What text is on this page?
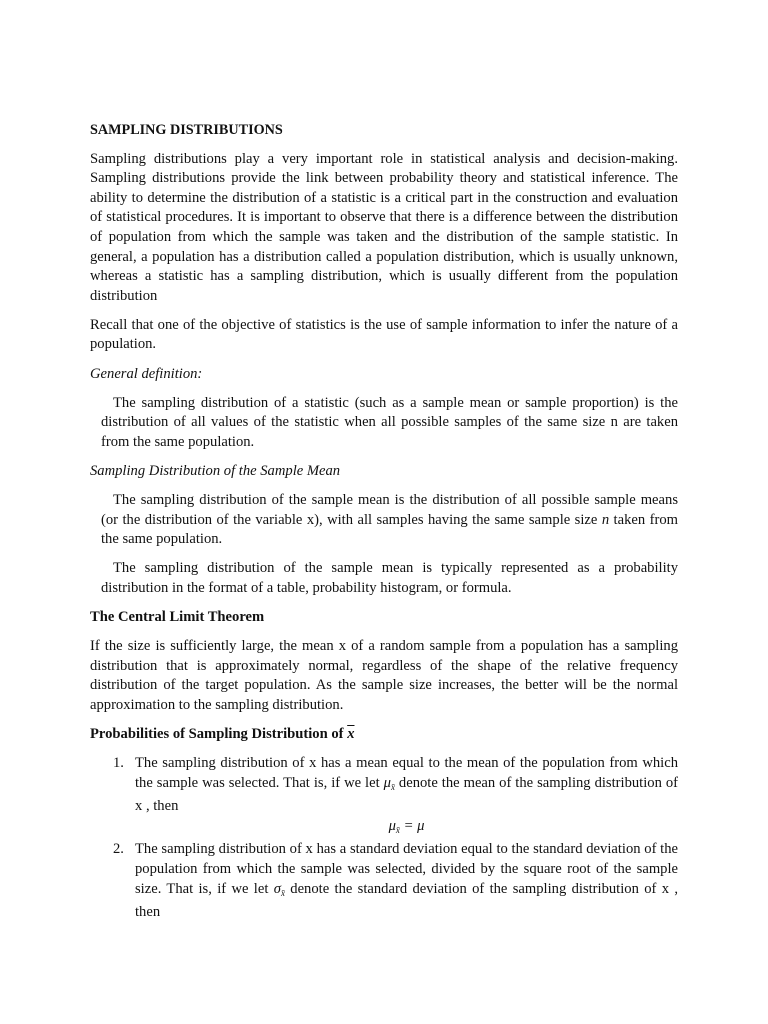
SAMPLING DISTRIBUTIONS

Sampling distributions play a very important role in statistical analysis and decision-making. Sampling distributions provide the link between probability theory and statistical inference. The ability to determine the distribution of a statistic is a critical part in the construction and evaluation of statistical procedures. It is important to observe that there is a difference between the distribution of population from which the sample was taken and the distribution of the sample statistic. In general, a population has a distribution called a population distribution, which is usually unknown, whereas a statistic has a sampling distribution, which is usually different from the population distribution

Recall that one of the objective of statistics is the use of sample information to infer the nature of a population.

General definition:

The sampling distribution of a statistic (such as a sample mean or sample proportion) is the distribution of all values of the statistic when all possible samples of the same size n are taken from the same population.

Sampling Distribution of the Sample Mean

The sampling distribution of the sample mean is the distribution of all possible sample means (or the distribution of the variable x), with all samples having the same sample size n taken from the same population.

The sampling distribution of the sample mean is typically represented as a probability distribution in the format of a table, probability histogram, or formula.

The Central Limit Theorem

If the size is sufficiently large, the mean x of a random sample from a population has a sampling distribution that is approximately normal, regardless of the shape of the relative frequency distribution of the target population. As the sample size increases, the better will be the normal approximation to the sampling distribution.

Probabilities of Sampling Distribution of $\overline{x}$
1. The sampling distribution of x has a mean equal to the mean of the population from which the sample was selected. That is, if we let $\mu_{x̄}$ denote the mean of the sampling distribution of x , then
$\mu_{x̄} = \mu$
2. The sampling distribution of x has a standard deviation equal to the standard deviation of the population from which the sample was selected, divided by the square root of the sample size. That is, if we let $\sigma_{x̄}$ denote the standard deviation of the sampling distribution of x , then
